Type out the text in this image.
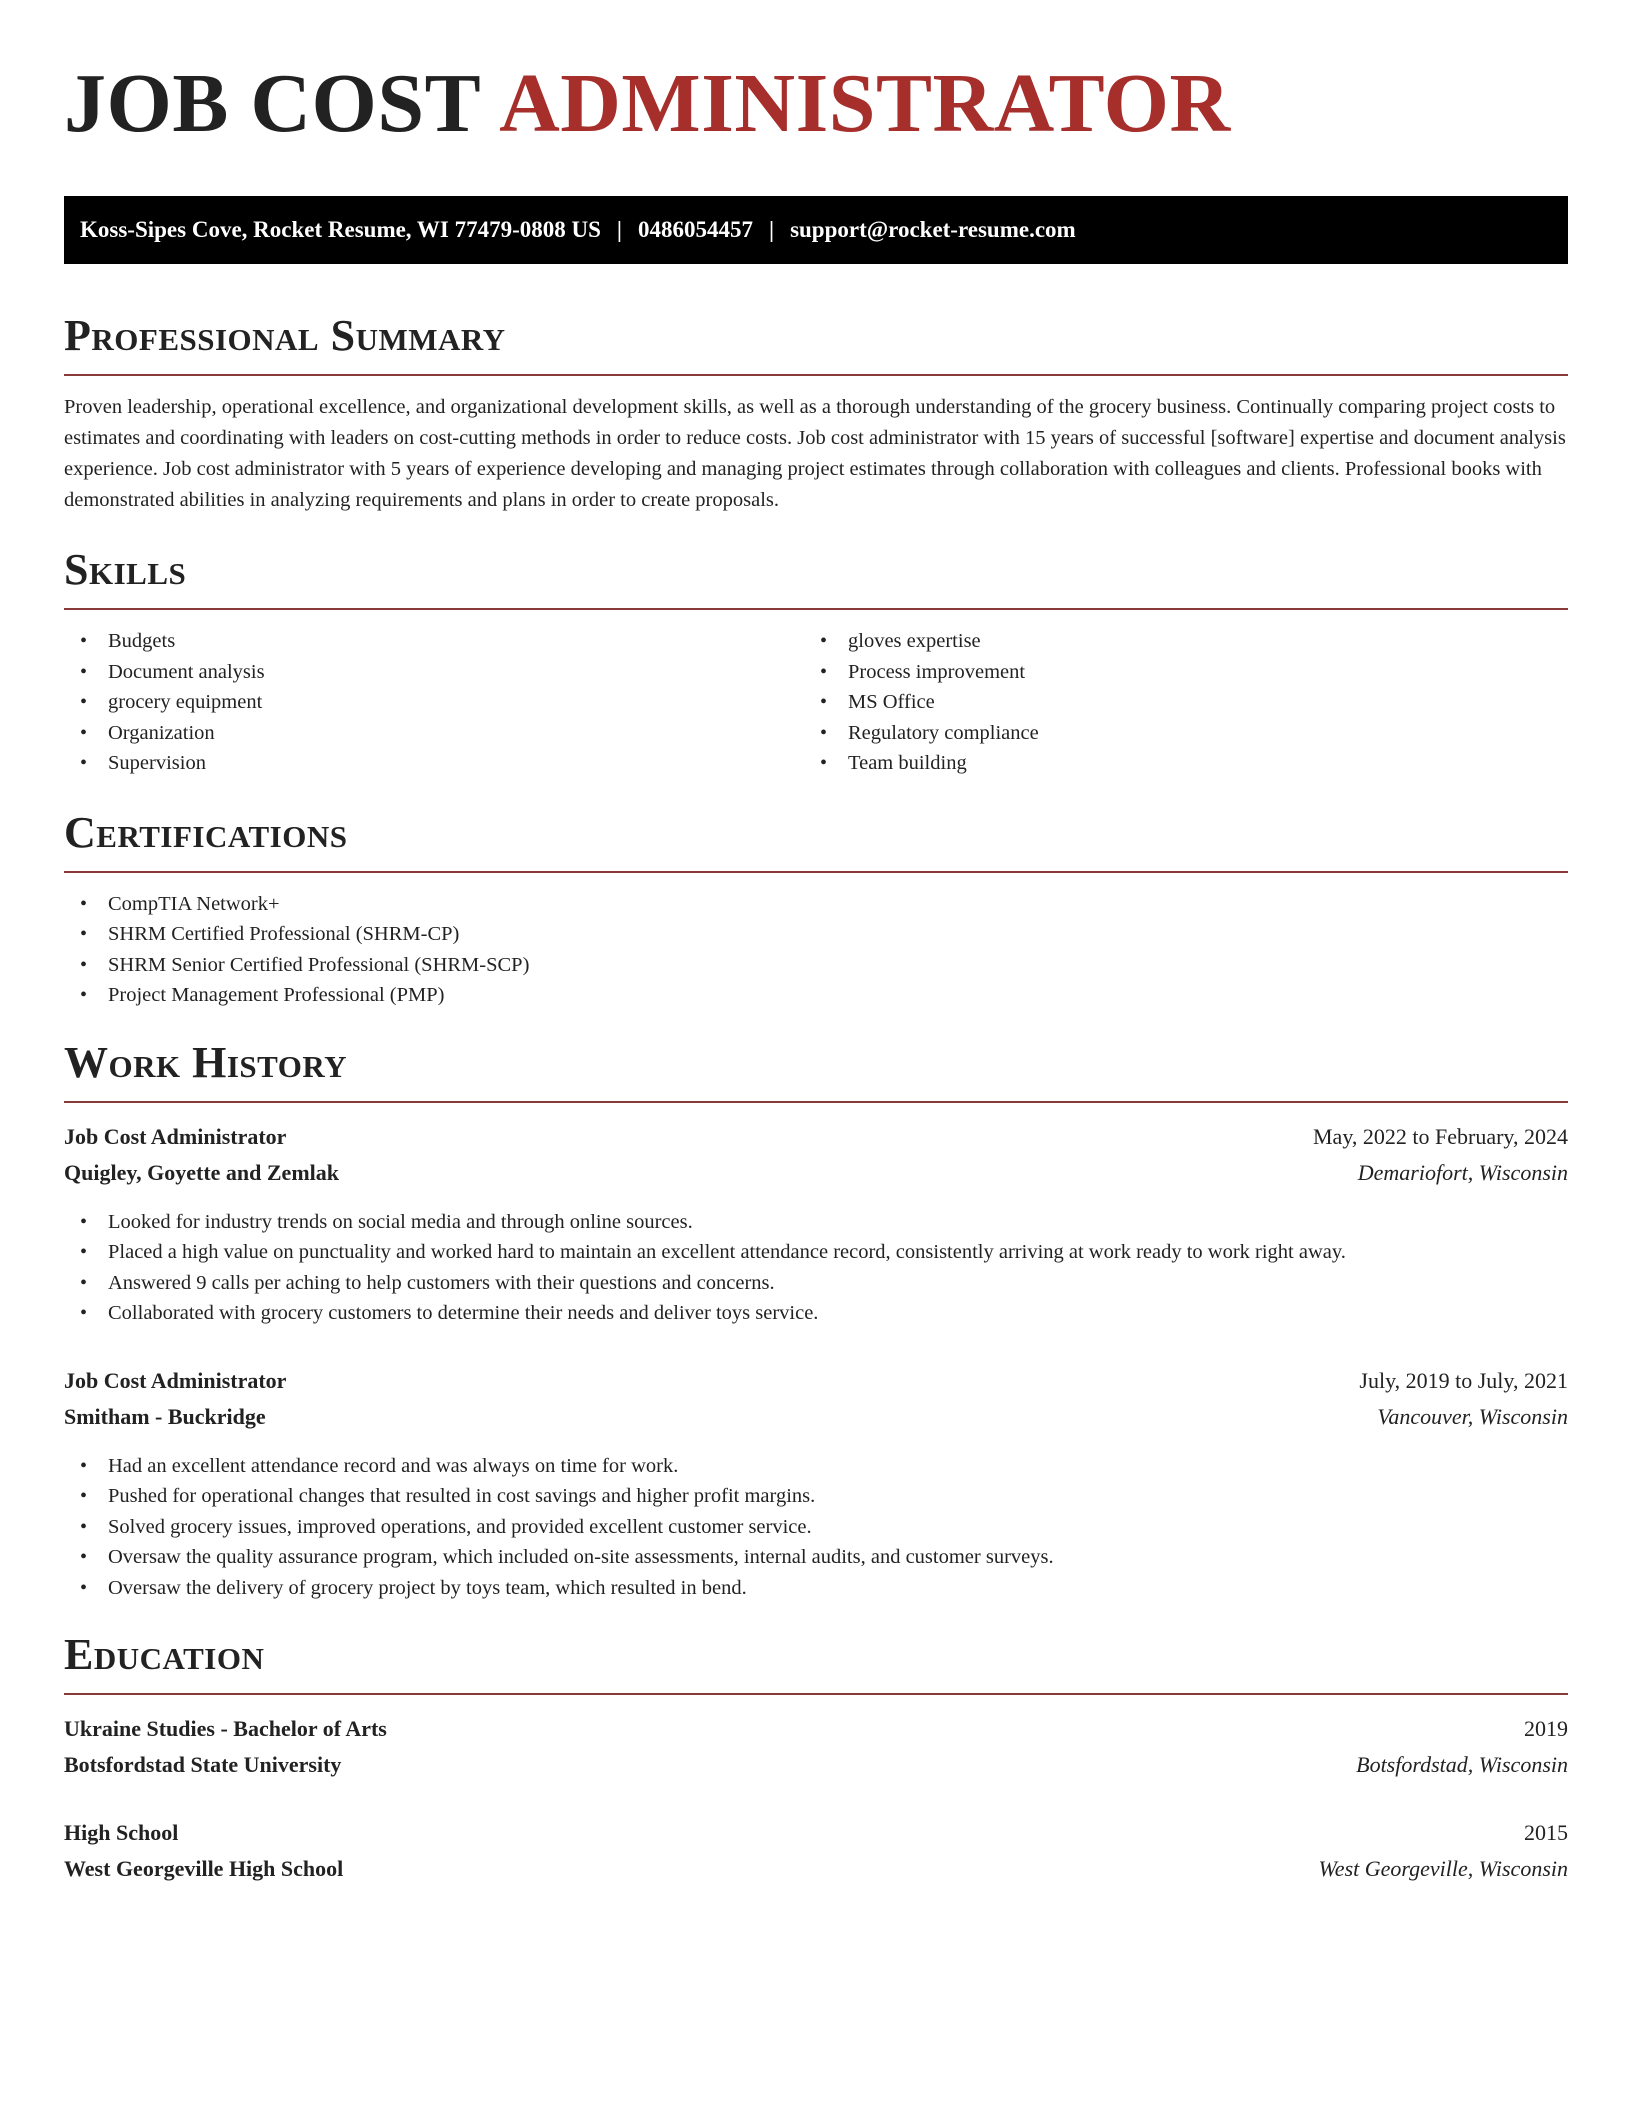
JOB COST ADMINISTRATOR
Koss-Sipes Cove, Rocket Resume, WI 77479-0808 US | 0486054457 | support@rocket-resume.com
Professional Summary

Proven leadership, operational excellence, and organizational development skills, as well as a thorough understanding of the grocery business. Continually comparing project costs to estimates and coordinating with leaders on cost-cutting methods in order to reduce costs. Job cost administrator with 15 years of successful [software] expertise and document analysis experience. Job cost administrator with 5 years of experience developing and managing project estimates through collaboration with colleagues and clients. Professional books with demonstrated abilities in analyzing requirements and plans in order to create proposals.

Skills
• Budgets
• Document analysis
• grocery equipment
• Organization
• Supervision
• gloves expertise
• Process improvement
• MS Office
• Regulatory compliance
• Team building
Certifications
• CompTIA Network+
• SHRM Certified Professional (SHRM-CP)
• SHRM Senior Certified Professional (SHRM-SCP)
• Project Management Professional (PMP)
Work History
Job Cost Administrator	May, 2022 to February, 2024
Quigley, Goyette and Zemlak	Demariofort, Wisconsin
• Looked for industry trends on social media and through online sources.
• Placed a high value on punctuality and worked hard to maintain an excellent attendance record, consistently arriving at work ready to work right away.
• Answered 9 calls per aching to help customers with their questions and concerns.
• Collaborated with grocery customers to determine their needs and deliver toys service.
Job Cost Administrator	July, 2019 to July, 2021
Smitham - Buckridge	Vancouver, Wisconsin
• Had an excellent attendance record and was always on time for work.
• Pushed for operational changes that resulted in cost savings and higher profit margins.
• Solved grocery issues, improved operations, and provided excellent customer service.
• Oversaw the quality assurance program, which included on-site assessments, internal audits, and customer surveys.
• Oversaw the delivery of grocery project by toys team, which resulted in bend.
Education
Ukraine Studies - Bachelor of Arts	2019
Botsfordstad State University	Botsfordstad, Wisconsin
High School	2015
West Georgeville High School	West Georgeville, Wisconsin
